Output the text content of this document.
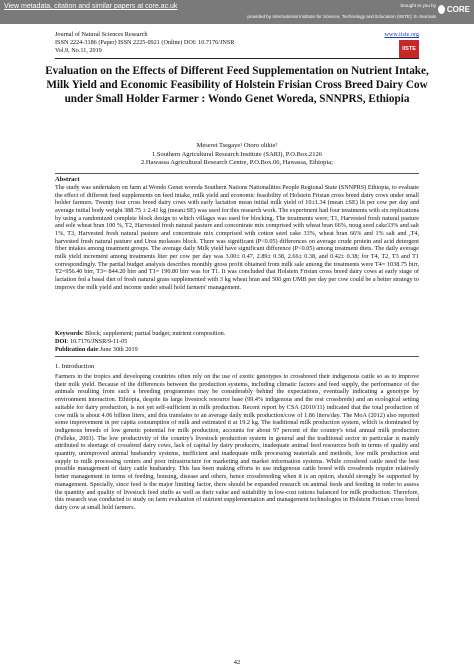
View metadata, citation and similar papers at core.ac.uk	brought to you by
provided by International Institute for Science, Technology and Education (IISTE): E-Journals
CORE
Journal of Natural Sciences Research
ISSN 2224-3186 (Paper) ISSN 2225-0921 (Online) DOI: 10.7176/JNSR
Vol.9, No.11, 2019
www.iiste.org
IISTE
Evaluation on the Effects of Different Feed Supplementation on Nutrient Intake, Milk Yield and Economic Feasibility of Holstein Frisian Cross Breed Dairy Cow under Small Holder Farmer : Wondo Genet Woreda, SNNPRS, Ethiopia
Meseret Tsegaye¹ Otoro olikie²
1.Southern Agricultural Research Institute (SARI), P.O.Box.2126
2.Hawassa Agricultural Research Centre, P.O.Box.06, Hawassa, Ethiopia;
Abstract
The study was undertaken on farm at Wondo Genet woreda Southern Nations Nationalities People Regional State (SNNPRS) Ethiopia, to evaluate the effect of different feed supplements on feed intake, milk yield and economic feasibility of Holstein Frisian cross breed dairy cows under small holder farmers. Twenty four cross breed dairy cows with early lactation mean initial milk yield of 10±1.34 (mean ±SE) lit per cow per day and average initial body weight 388.75 ± 2.41 kg (mean±SE) was used for this research work. The experiment had four treatments with six replications by using a randomized complete block design to which villages was used for blocking. The treatments were; T1, Harvested fresh natural pasture and sole wheat bran 100 %, T2, Harvested fresh natural pasture and concentrate mix comprised with wheat bran 66%, noug seed cake33% and salt 1%, T3, Harvested fresh natural pasture and concentrate mix comprised with cotton seed cake 33%, wheat bran 66% and 1% salt and ,T4, harvested fresh natural pasture and Urea molasses block. There was significant (P<0.05) differences on average crude protein and acid detergent fiber intakes among treatment groups. The average daily Milk yield have significant difference (P<0.05) among treatment diets. The daily average milk yield increment among treatments liter per cow per day was 3.00± 0.47, 2.89± 0.38, 2.66± 0.38, and 0.42± 0.38; for T4, T2, T3 and T1 correspondingly. The partial budget analysis describes monthly gross profit obtained from milk sale among the treatments were T4= 1038.75 birr, T2=956.40 birr, T3= 844.20 birr and T1= 190.80 birr was for T1. It was concluded that Holstein Frisian cross breed dairy cows at early stage of lactation fed a basal diet of fresh natural grass supplemented with 3 kg wheat bran and 500 gm UMB per day per cow could be a better strategy to improve the milk yield and income under small hold farmers' management.
Keywords: Block; supplement; partial budget; nutrient composition.
DOI: 10.7176/JNSR/9-11-05
Publication date:June 30th 2019
1. Introduction
Farmers in the tropics and developing countries often rely on the use of exotic genotypes to crossbreed their indigenous cattle so as to improve their milk yield. Because of the differences between the production systems, including climatic factors and feed supply, the performance of the animals resulting from such a breeding programmes may be considerably behind the expectations, eventually indicating a genotype by environment interaction. Ethiopia, despite its large livestock resource base (99.4% indigenous and the rest crossbreds) and an ecological setting suitable for dairy production, is not yet self-sufficient in milk production. Recent report by CSA (2010/11) indicated that the total production of cow milk is about 4.06 billion liters, and this translates to an average daily milk production/cow of 1.86 liters/day. The MoA (2012) also reported some improvement in per capita consumption of milk and estimated it at 19.2 kg. The traditional milk production system, which is dominated by indigenous breeds of low genetic potential for milk production, accounts for about 97 percent of the country's total annual milk production (Felleke, 2003). The low productivity of the country's livestock production system in general and the traditional sector in particular is mainly attributed to shortage of crossbred dairy cows, lack of capital by dairy producers, inadequate animal feed resources both in terms of quality and quantity, unimproved animal husbandry systems, inefficient and inadequate milk processing materials and methods, low milk production and supply to milk processing centers and poor infrastructure for marketing and market information systems. While crossbred cattle need the best possible management of dairy cattle husbandry. This has been making efforts to use indigenous cattle breed with crossbreds require relatively better management in terms of feeding, housing, disease and others, hence crossbreeding when it is an option, should strongly be supported by management. Specially, since feed is the major limiting factor, there should be expanded research on animal feeds and feeding in order to assess the quantity and quality of livestock feed stuffs as well as their value and suitability in low-cost rations balanced for milk production. Therefore, this research was conducted to study on farm evaluation of nutrient supplementation and management technologies in Holstein Frisian cross breed dairy cow at small hold farmers.
42
